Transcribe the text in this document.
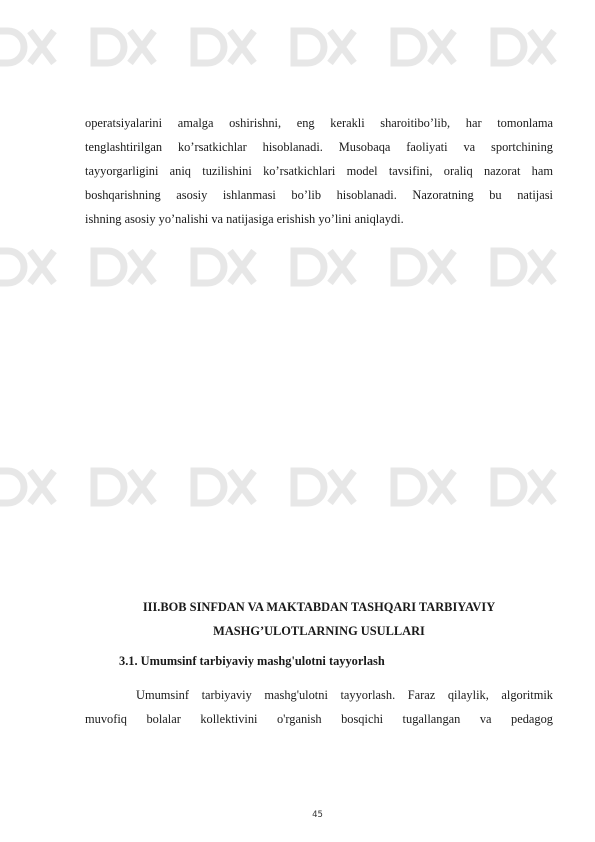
operatsiyalarini amalga oshirishni, eng kerakli sharoitibo’lib, har tomonlama
tenglashtirilgan ko’rsatkichlar hisoblanadi. Musobaqa faoliyati va sportchining
tayyorgarligini aniq tuzilishini ko’rsatkichlari model tavsifini, oraliq nazorat ham
boshqarishning asosiy ishlanmasi bo’lib hisoblanadi. Nazoratning bu natijasi
ishning asosiy yo’nalishi va natijasiga erishish yo’lini aniqlaydi.

III.BOB SINFDAN VA MAKTABDAN TASHQARI TARBIYAVIY
MASHG’ULOTLARNING USULLARI
3.1. Umumsinf tarbiyaviy mashg'ulotni tayyorlash

Umumsinf tarbiyaviy mashg'ulotni tayyorlash. Faraz qilaylik, algoritmik
muvofiq bolalar kollektivini o'rganish bosqichi tugallangan va pedagog

45
